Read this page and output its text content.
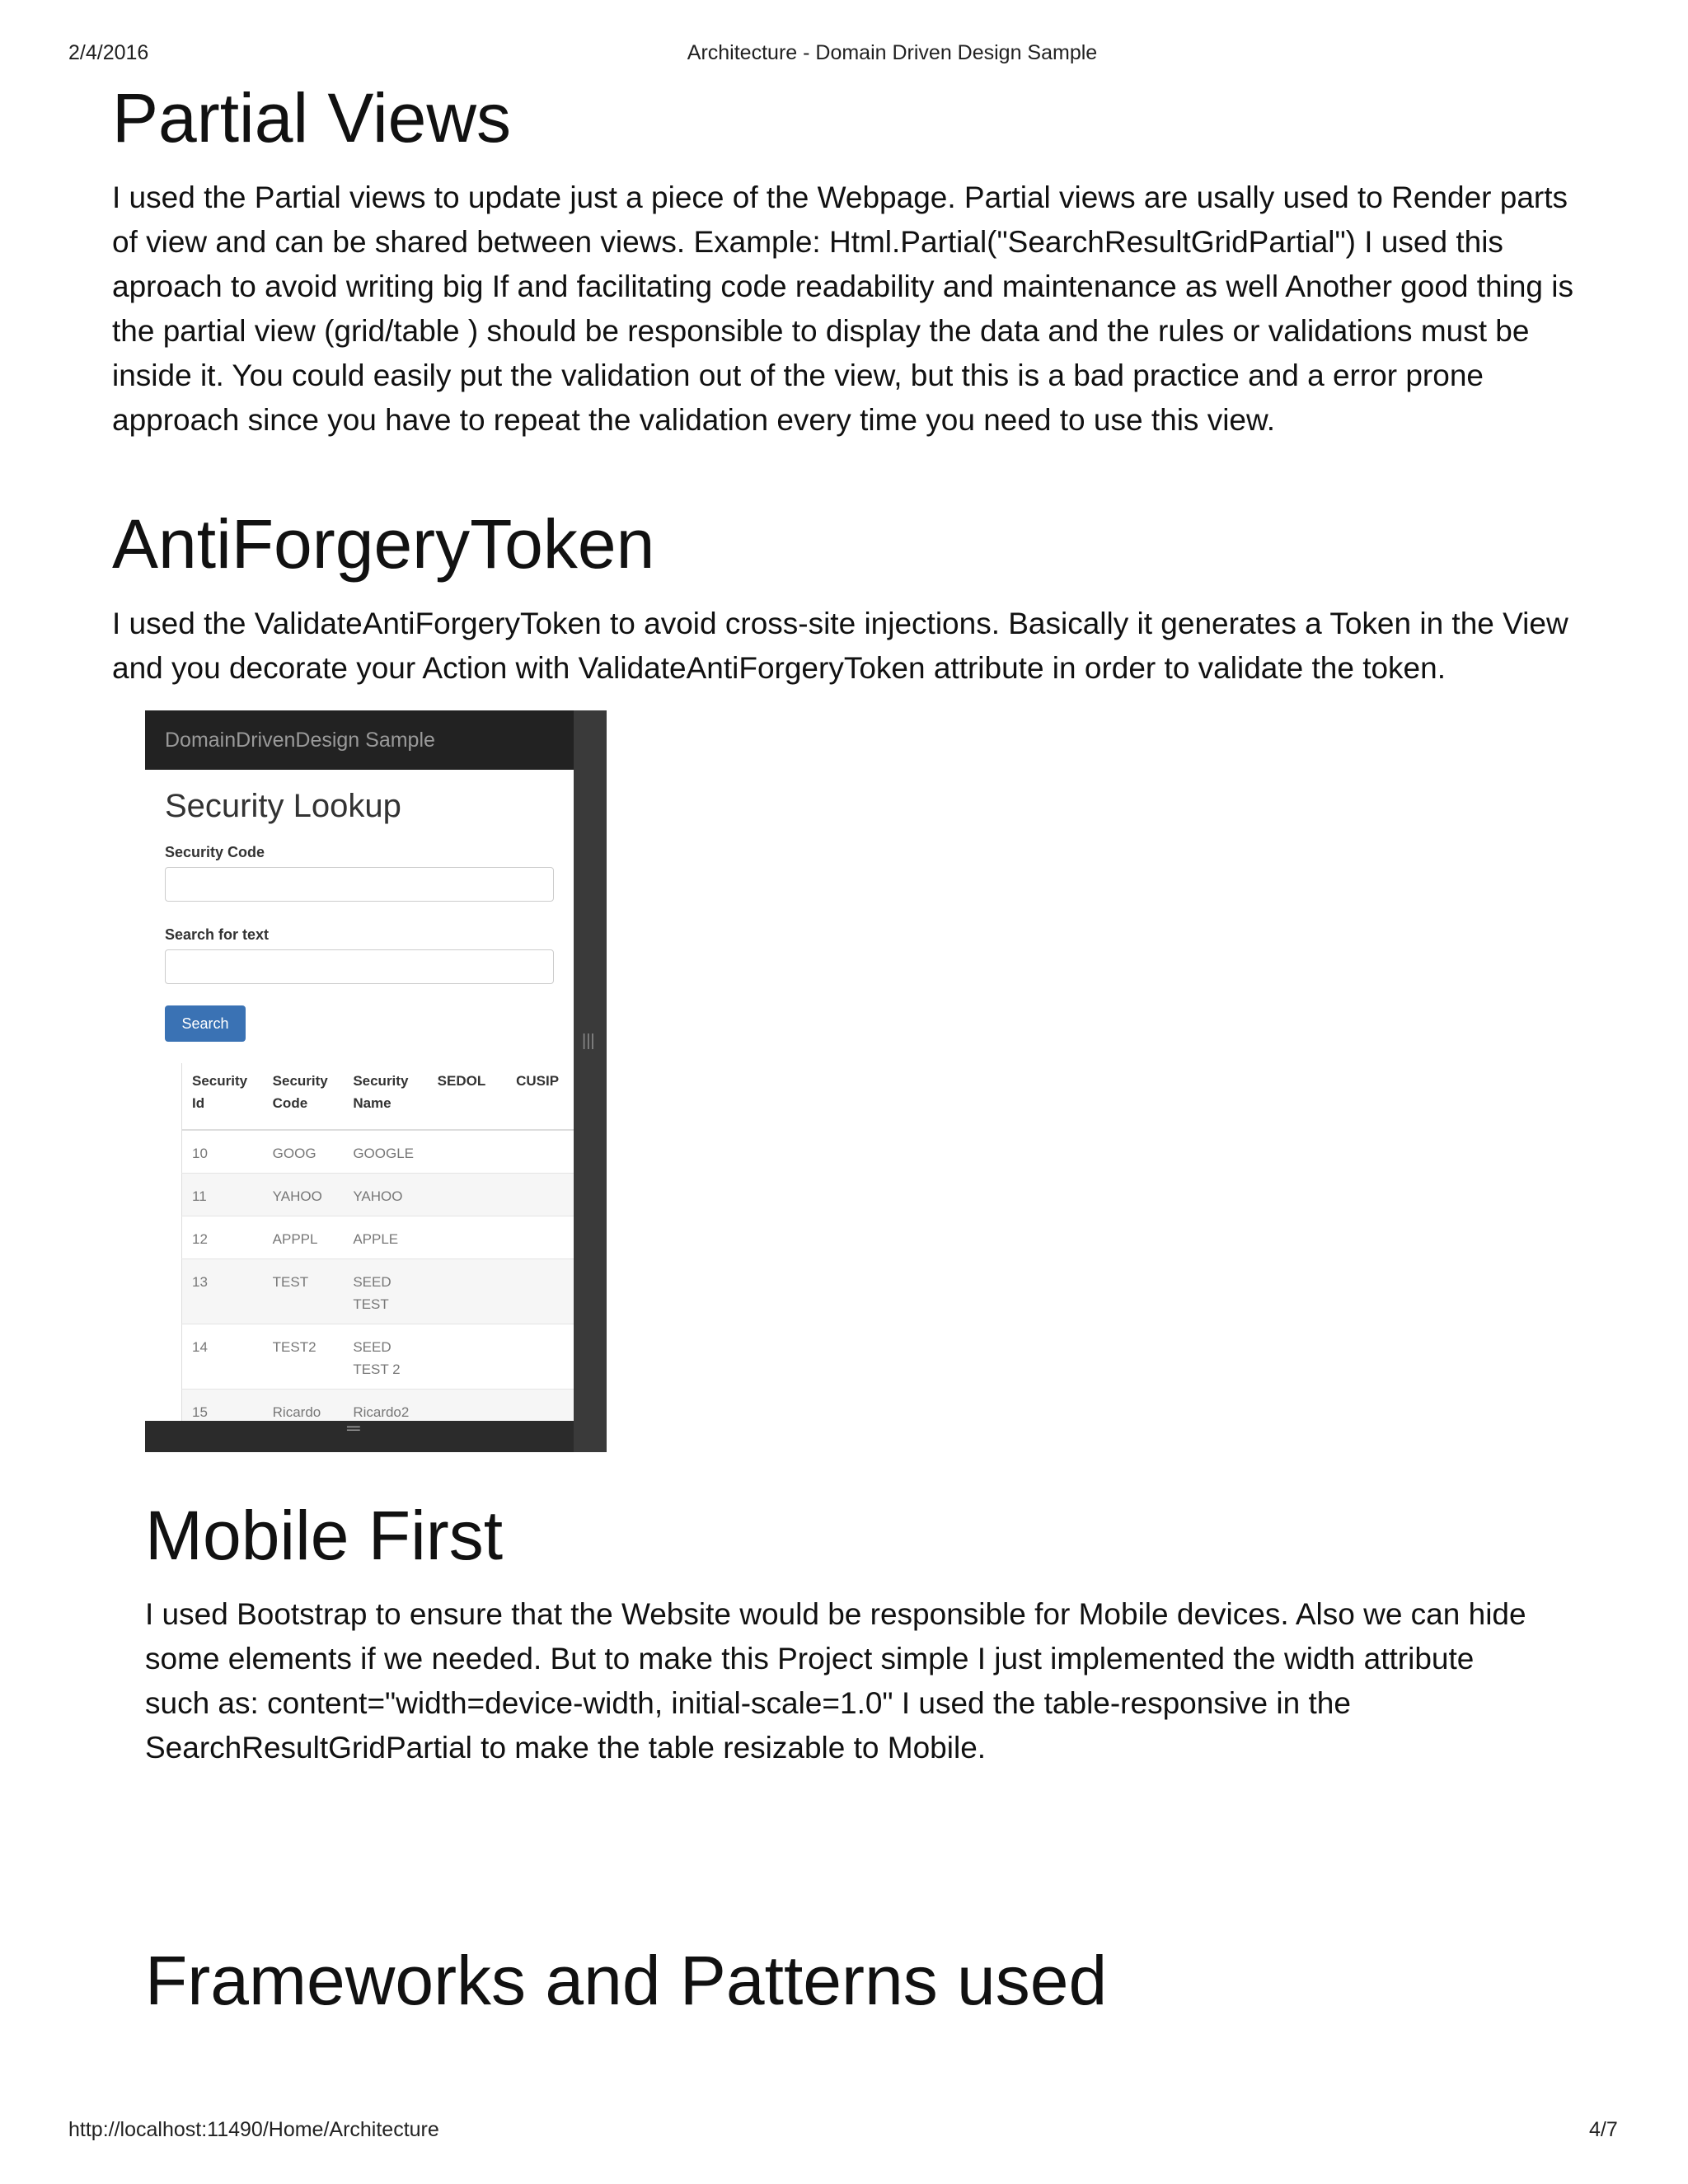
2/4/2016	Architecture - Domain Driven Design Sample
Partial Views

I used the Partial views to update just a piece of the Webpage. Partial views are usally used to Render parts of view and can be shared between views. Example: Html.Partial("SearchResultGridPartial") I used this aproach to avoid writing big If and facilitating code readability and maintenance as well Another good thing is the partial view (grid/table ) should be responsible to display the data and the rules or validations must be inside it. You could easily put the validation out of the view, but this is a bad practice and a error prone approach since you have to repeat the validation every time you need to use this view.

AntiForgeryToken

I used the ValidateAntiForgeryToken to avoid cross-site injections. Basically it generates a Token in the View and you decorate your Action with ValidateAntiForgeryToken attribute in order to validate the token.

DomainDrivenDesign Sample
Security Lookup
Security Code
Search for text
Search
Security Id	Security Code	Security Name	SEDOL	CUSIP
10	GOOG	GOOGLE		
11	YAHOO	YAHOO		
12	APPPL	APPLE		
13	TEST	SEED TEST		
14	TEST2	SEED TEST 2		
15	Ricardo	Ricardo2		
|||
═
Mobile First

I used Bootstrap to ensure that the Website would be responsible for Mobile devices. Also we can hide some elements if we needed. But to make this Project simple I just implemented the width attribute such as: content="width=device-width, initial-scale=1.0" I used the table-responsive in the SearchResultGridPartial to make the table resizable to Mobile.

Frameworks and Patterns used
http://localhost:11490/Home/Architecture	4/7
